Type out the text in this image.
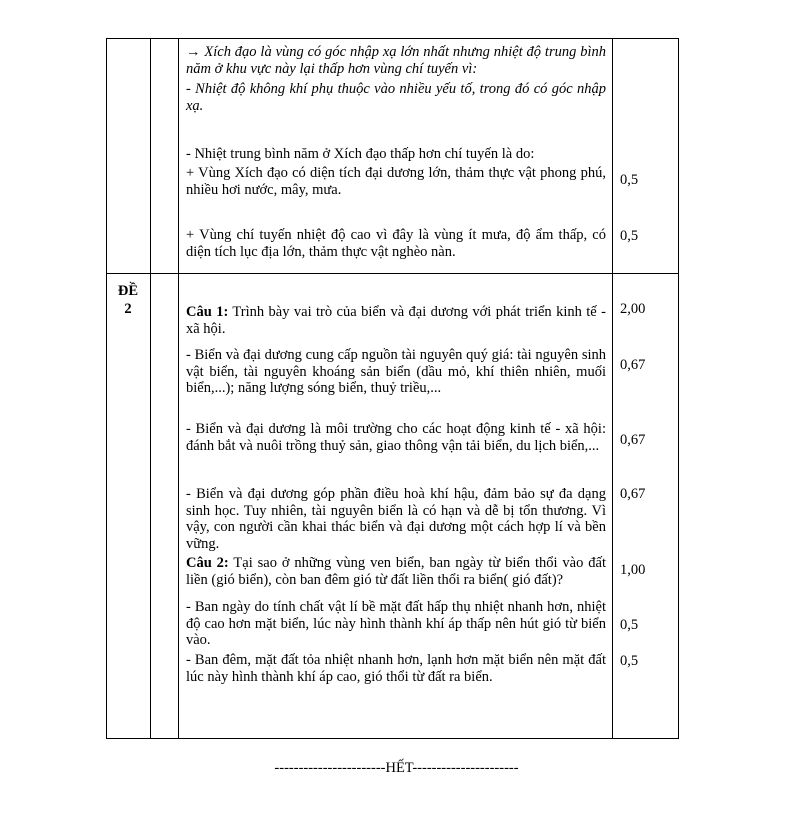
→ Xích đạo là vùng có góc nhập xạ lớn nhất nhưng nhiệt độ trung bình năm ở khu vực này lại thấp hơn vùng chí tuyến vì:
- Nhiệt độ không khí phụ thuộc vào nhiều yếu tố, trong đó có góc nhập xạ.
- Nhiệt trung bình năm ở Xích đạo thấp hơn chí tuyến là do:
+ Vùng Xích đạo có diện tích đại dương lớn, thảm thực vật phong phú, nhiều hơi nước, mây, mưa.
0,5
+ Vùng chí tuyến nhiệt độ cao vì đây là vùng ít mưa, độ ẩm thấp, có diện tích lục địa lớn, thảm thực vật nghèo nàn.
0,5
ĐỀ
2	Câu 1: Trình bày vai trò của biển và đại dương với phát triển kinh tế - xã hội.
2,00
- Biển và đại dương cung cấp nguồn tài nguyên quý giá: tài nguyên sinh vật biển, tài nguyên khoáng sản biển (dầu mỏ, khí thiên nhiên, muối biển,...); năng lượng sóng biển, thuỷ triều,...
0,67
- Biển và đại dương là môi trường cho các hoạt động kinh tế - xã hội: đánh bắt và nuôi trồng thuỷ sản, giao thông vận tải biển, du lịch biển,...	0,67
- Biển và đại dương góp phần điều hoà khí hậu, đảm bảo sự đa dạng sinh học. Tuy nhiên, tài nguyên biển là có hạn và dễ bị tổn thương. Vì vậy, con người cần khai thác biển và đại dương một cách hợp lí và bền vững.
0,67
Câu 2: Tại sao ở những vùng ven biển, ban ngày từ biển thổi vào đất liền (gió biển), còn ban đêm gió từ đất liền thổi ra biển( gió đất)?
1,00
- Ban ngày do tính chất vật lí bề mặt đất hấp thụ nhiệt nhanh hơn, nhiệt độ cao hơn mặt biển, lúc này hình thành khí áp thấp nên hút gió từ biển vào.
0,5
- Ban đêm, mặt đất tỏa nhiệt nhanh hơn, lạnh hơn mặt biển nên mặt đất lúc này hình thành khí áp cao, gió thổi từ đất ra biển.
0,5
-----------------------HẾT----------------------
